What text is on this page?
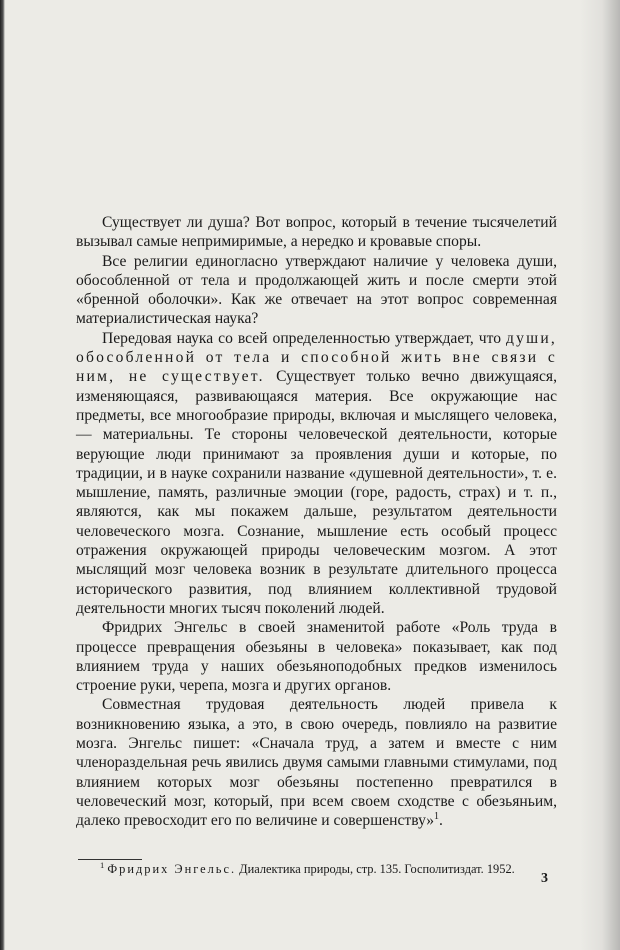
Существует ли душа? Вот вопрос, который в течение тысячелетий вызывал самые непримиримые, а нередко и кровавые споры.

Все религии единогласно утверждают наличие у человека души, обособленной от тела и продолжающей жить и после смерти этой «бренной оболочки». Как же отвечает на этот вопрос современная материалистическая наука?

Передовая наука со всей определенностью утверждает, что души, обособленной от тела и способной жить вне связи с ним, не существует. Существует только вечно движущаяся, изменяющаяся, развивающаяся материя. Все окружающие нас предметы, все многообразие природы, включая и мыслящего человека,— материальны. Те стороны человеческой деятельности, которые верующие люди принимают за проявления души и которые, по традиции, и в науке сохранили название «душевной деятельности», т. е. мышление, память, различные эмоции (горе, радость, страх) и т. п., являются, как мы покажем дальше, результатом деятельности человеческого мозга. Сознание, мышление есть особый процесс отражения окружающей природы человеческим мозгом. А этот мыслящий мозг человека возник в результате длительного процесса исторического развития, под влиянием коллективной трудовой деятельности многих тысяч поколений людей.

Фридрих Энгельс в своей знаменитой работе «Роль труда в процессе превращения обезьяны в человека» показывает, как под влиянием труда у наших обезьяноподобных предков изменилось строение руки, черепа, мозга и других органов.

Совместная трудовая деятельность людей привела к возникновению языка, а это, в свою очередь, повлияло на развитие мозга. Энгельс пишет: «Сначала труд, а затем и вместе с ним членораздельная речь явились двумя самыми главными стимулами, под влиянием которых мозг обезьяны постепенно превратился в человеческий мозг, который, при всем своем сходстве с обезьяньим, далеко превосходит его по величине и совершенству»$^1$.

$^1$ Фридрих Энгельс. Диалектика природы, стр. 135. Госполитиздат. 1952.
3
